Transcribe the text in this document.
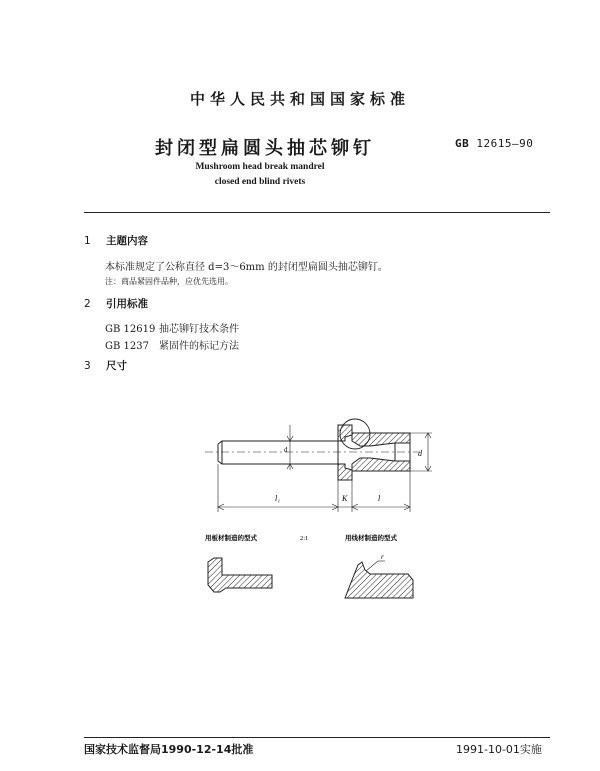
中华人民共和国国家标准
封闭型扁圆头抽芯铆钉	GB 12615—90
Mushroom head break mandrel
closed end blind rivets
1 主题内容
本标准规定了公称直径 d=3～6mm 的封闭型扁圆头抽芯铆钉。
注：商品紧固件品种，应优先选用。
2 引用标准
GB 12619 抽芯铆钉技术条件
GB 1237 紧固件的标记方法
3 尺寸
d	d
l₁	K	l
用板材制造的型式	2:1	用线材制造的型式
r
国家技术监督局1990-12-14批准	1991-10-01实施
